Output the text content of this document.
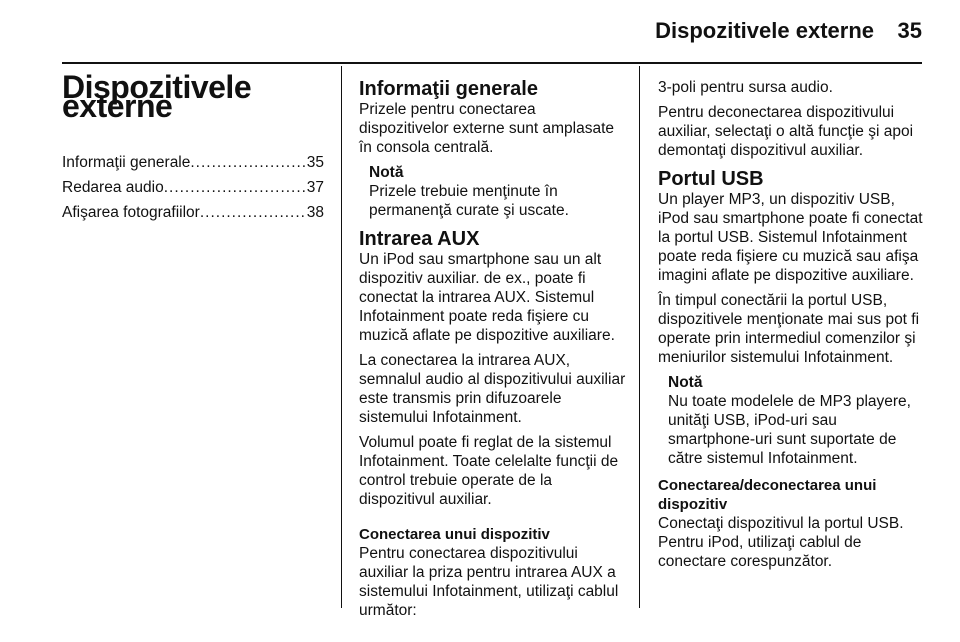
Dispozitivele externe 35
Dispozitivele externe
Informaţii generale .....	35
Redarea audio .....	37
Afişarea fotografiilor .....	38
Informaţii generale

Prizele pentru conectarea dispozitivelor externe sunt amplasate în consola centrală.

Notă
Prizele trebuie menţinute în permanenţă curate şi uscate.
Intrarea AUX

Un iPod sau smartphone sau un alt dispozitiv auxiliar. de ex., poate fi conectat la intrarea AUX. Sistemul Infotainment poate reda fişiere cu muzică aflate pe dispozitive auxiliare.

La conectarea la intrarea AUX, semnalul audio al dispozitivului auxiliar este transmis prin difuzoarele sistemului Infotainment.

Volumul poate fi reglat de la sistemul Infotainment. Toate celelalte funcţii de control trebuie operate de la dispozitivul auxiliar.

Conectarea unui dispozitiv

Pentru conectarea dispozitivului auxiliar la priza pentru intrarea AUX a sistemului Infotainment, utilizaţi cablul următor:

3-poli pentru sursa audio.

Pentru deconectarea dispozitivului auxiliar, selectaţi o altă funcţie şi apoi demontaţi dispozitivul auxiliar.

Portul USB

Un player MP3, un dispozitiv USB, iPod sau smartphone poate fi conectat la portul USB. Sistemul Infotainment poate reda fişiere cu muzică sau afişa imagini aflate pe dispozitive auxiliare.

În timpul conectării la portul USB, dispozitivele menţionate mai sus pot fi operate prin intermediul comenzilor şi meniurilor sistemului Infotainment.

Notă
Nu toate modelele de MP3 playere, unităţi USB, iPod-uri sau smartphone-uri sunt suportate de către sistemul Infotainment.
Conectarea/deconectarea unui dispozitiv

Conectaţi dispozitivul la portul USB. Pentru iPod, utilizaţi cablul de conectare corespunzător.
